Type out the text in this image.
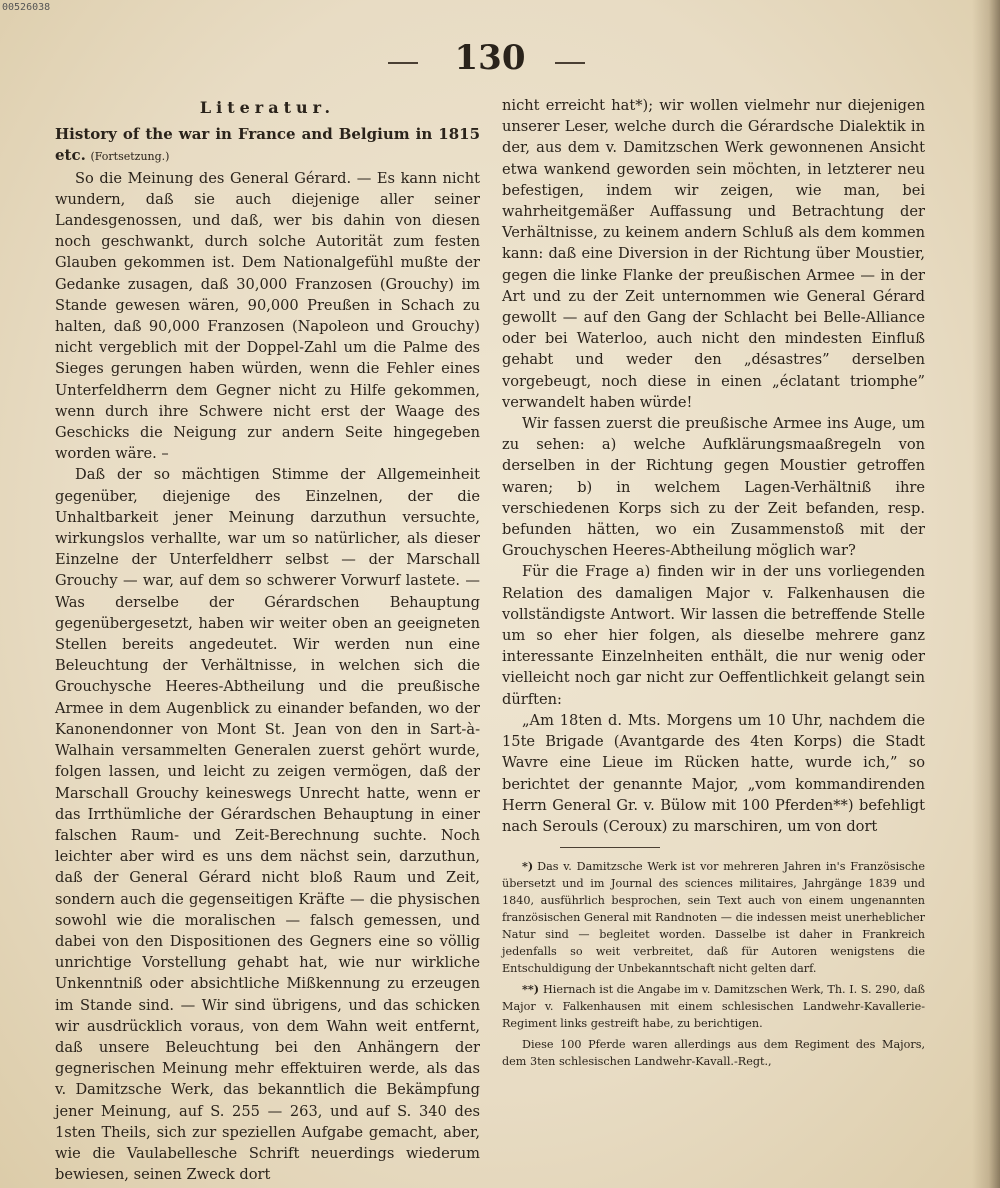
00526038
130

Literatur.

History of the war in France and Belgium in 1815 etc. (Fortsetzung.)

So die Meinung des General Gérard. — Es kann nicht wundern, daß sie auch diejenige aller seiner Landesgenossen, und daß, wer bis dahin von diesen noch geschwankt, durch solche Autorität zum festen Glauben gekommen ist. Dem Nationalgefühl mußte der Gedanke zusagen, daß 30,000 Franzosen (Grouchy) im Stande gewesen wären, 90,000 Preußen in Schach zu halten, daß 90,000 Franzosen (Napoleon und Grouchy) nicht vergeblich mit der Doppel-Zahl um die Palme des Sieges gerungen haben würden, wenn die Fehler eines Unterfeldherrn dem Gegner nicht zu Hilfe gekommen, wenn durch ihre Schwere nicht erst der Waage des Geschicks die Neigung zur andern Seite hingegeben worden wäre. –

Daß der so mächtigen Stimme der Allgemeinheit gegenüber, diejenige des Einzelnen, der die Unhaltbarkeit jener Meinung darzuthun versuchte, wirkungslos verhallte, war um so natürlicher, als dieser Einzelne der Unterfeldherr selbst — der Marschall Grouchy — war, auf dem so schwerer Vorwurf lastete. — Was derselbe der Gérardschen Behauptung gegenübergesetzt, haben wir weiter oben an geeigneten Stellen bereits angedeutet. Wir werden nun eine Beleuchtung der Verhältnisse, in welchen sich die Grouchysche Heeres-Abtheilung und die preußische Armee in dem Augenblick zu einander befanden, wo der Kanonendonner von Mont St. Jean von den in Sart-à-Walhain versammelten Generalen zuerst gehört wurde, folgen lassen, und leicht zu zeigen vermögen, daß der Marschall Grouchy keineswegs Unrecht hatte, wenn er das Irrthümliche der Gérardschen Behauptung in einer falschen Raum- und Zeit-Berechnung suchte. Noch leichter aber wird es uns dem nächst sein, darzuthun, daß der General Gérard nicht bloß Raum und Zeit, sondern auch die gegenseitigen Kräfte — die physischen sowohl wie die moralischen — falsch gemessen, und dabei von den Dispositionen des Gegners eine so völlig unrichtige Vorstellung gehabt hat, wie nur wirkliche Unkenntniß oder absichtliche Mißkennung zu erzeugen im Stande sind. — Wir sind übrigens, und das schicken wir ausdrücklich voraus, von dem Wahn weit entfernt, daß unsere Beleuchtung bei den Anhängern der gegnerischen Meinung mehr effektuiren werde, als das v. Damitzsche Werk, das bekanntlich die Bekämpfung jener Meinung, auf S. 255 — 263, und auf S. 340 des 1sten Theils, sich zur speziellen Aufgabe gemacht, aber, wie die Vaulabellesche Schrift neuerdings wiederum bewiesen, seinen Zweck dort

nicht erreicht hat*); wir wollen vielmehr nur diejenigen unserer Leser, welche durch die Gérardsche Dialektik in der, aus dem v. Damitzschen Werk gewonnenen Ansicht etwa wankend geworden sein möchten, in letzterer neu befestigen, indem wir zeigen, wie man, bei wahrheitgemäßer Auffassung und Betrachtung der Verhältnisse, zu keinem andern Schluß als dem kommen kann: daß eine Diversion in der Richtung über Moustier, gegen die linke Flanke der preußischen Armee — in der Art und zu der Zeit unternommen wie General Gérard gewollt — auf den Gang der Schlacht bei Belle-Alliance oder bei Waterloo, auch nicht den mindesten Einfluß gehabt und weder den „désastres” derselben vorgebeugt, noch diese in einen „éclatant triomphe” verwandelt haben würde!

Wir fassen zuerst die preußische Armee ins Auge, um zu sehen: a) welche Aufklärungsmaaßregeln von derselben in der Richtung gegen Moustier getroffen waren; b) in welchem Lagen-Verhältniß ihre verschiedenen Korps sich zu der Zeit befanden, resp. befunden hätten, wo ein Zusammenstoß mit der Grouchyschen Heeres-Abtheilung möglich war?

Für die Frage a) finden wir in der uns vorliegenden Relation des damaligen Major v. Falkenhausen die vollständigste Antwort. Wir lassen die betreffende Stelle um so eher hier folgen, als dieselbe mehrere ganz interessante Einzelnheiten enthält, die nur wenig oder vielleicht noch gar nicht zur Oeffentlichkeit gelangt sein dürften:

„Am 18ten d. Mts. Morgens um 10 Uhr, nachdem die 15te Brigade (Avantgarde des 4ten Korps) die Stadt Wavre eine Lieue im Rücken hatte, wurde ich,” so berichtet der genannte Major, „vom kommandirenden Herrn General Gr. v. Bülow mit 100 Pferden**) befehligt nach Serouls (Ceroux) zu marschiren, um von dort

*) Das v. Damitzsche Werk ist vor mehreren Jahren in's Französische übersetzt und im Journal des sciences militaires, Jahrgänge 1839 und 1840, ausführlich besprochen, sein Text auch von einem ungenannten französischen General mit Randnoten — die indessen meist unerheblicher Natur sind — begleitet worden. Dasselbe ist daher in Frankreich jedenfalls so weit verbreitet, daß für Autoren wenigstens die Entschuldigung der Unbekanntschaft nicht gelten darf.

**) Hiernach ist die Angabe im v. Damitzschen Werk, Th. I. S. 290, daß Major v. Falkenhausen mit einem schlesischen Landwehr-Kavallerie-Regiment links gestreift habe, zu berichtigen.

Diese 100 Pferde waren allerdings aus dem Regiment des Majors, dem 3ten schlesischen Landwehr-Kavall.-Regt.,
